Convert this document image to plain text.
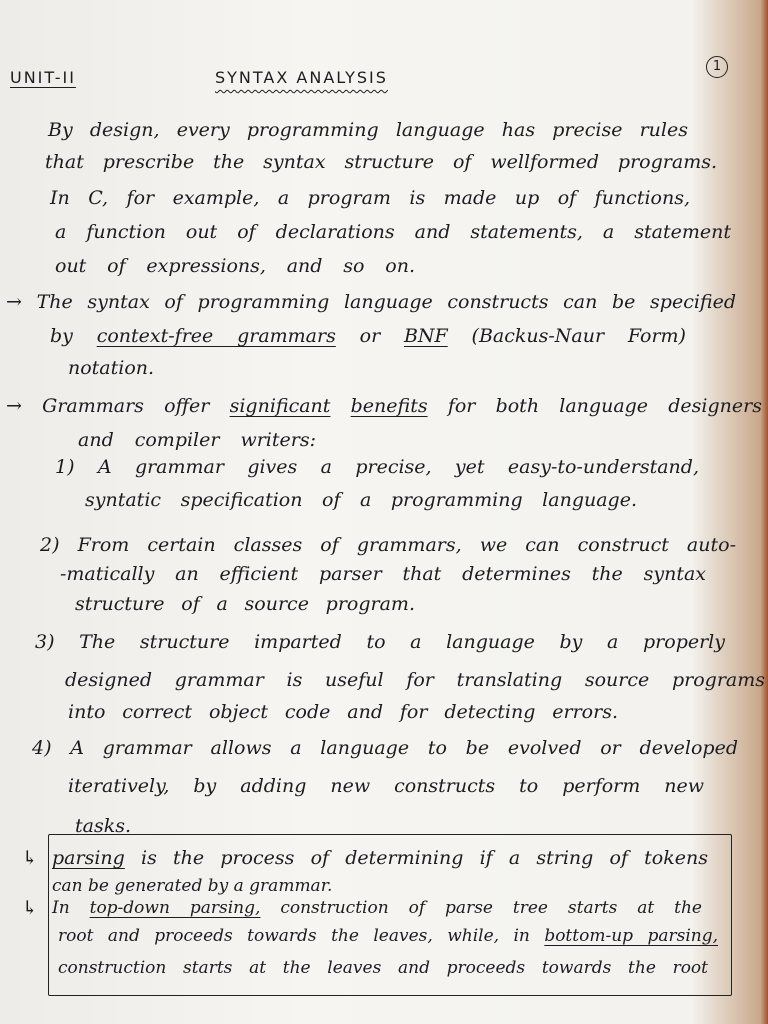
UNIT-II	SYNTAX ANALYSIS
1
By design, every programming language has precise rules
that prescribe the syntax structure of wellformed programs.
In C, for example, a program is made up of functions,
a function out of declarations and statements, a statement
out of expressions, and so on.
→ The syntax of programming language constructs can be specified
by context-free grammars or BNF (Backus-Naur Form)
notation.
→ Grammars offer significant benefits for both language designers
and compiler writers:
1) A grammar gives a precise, yet easy-to-understand,
syntatic specification of a programming language.
2) From certain classes of grammars, we can construct auto-
-matically an efficient parser that determines the syntax
structure of a source program.
3) The structure imparted to a language by a properly
designed grammar is useful for translating source programs
into correct object code and for detecting errors.
4) A grammar allows a language to be evolved or developed
iteratively, by adding new constructs to perform new
tasks.
↳ parsing is the process of determining if a string of tokens
can be generated by a grammar.
↳ In top-down parsing, construction of parse tree starts at the
root and proceeds towards the leaves, while, in bottom-up parsing,
construction starts at the leaves and proceeds towards the root
